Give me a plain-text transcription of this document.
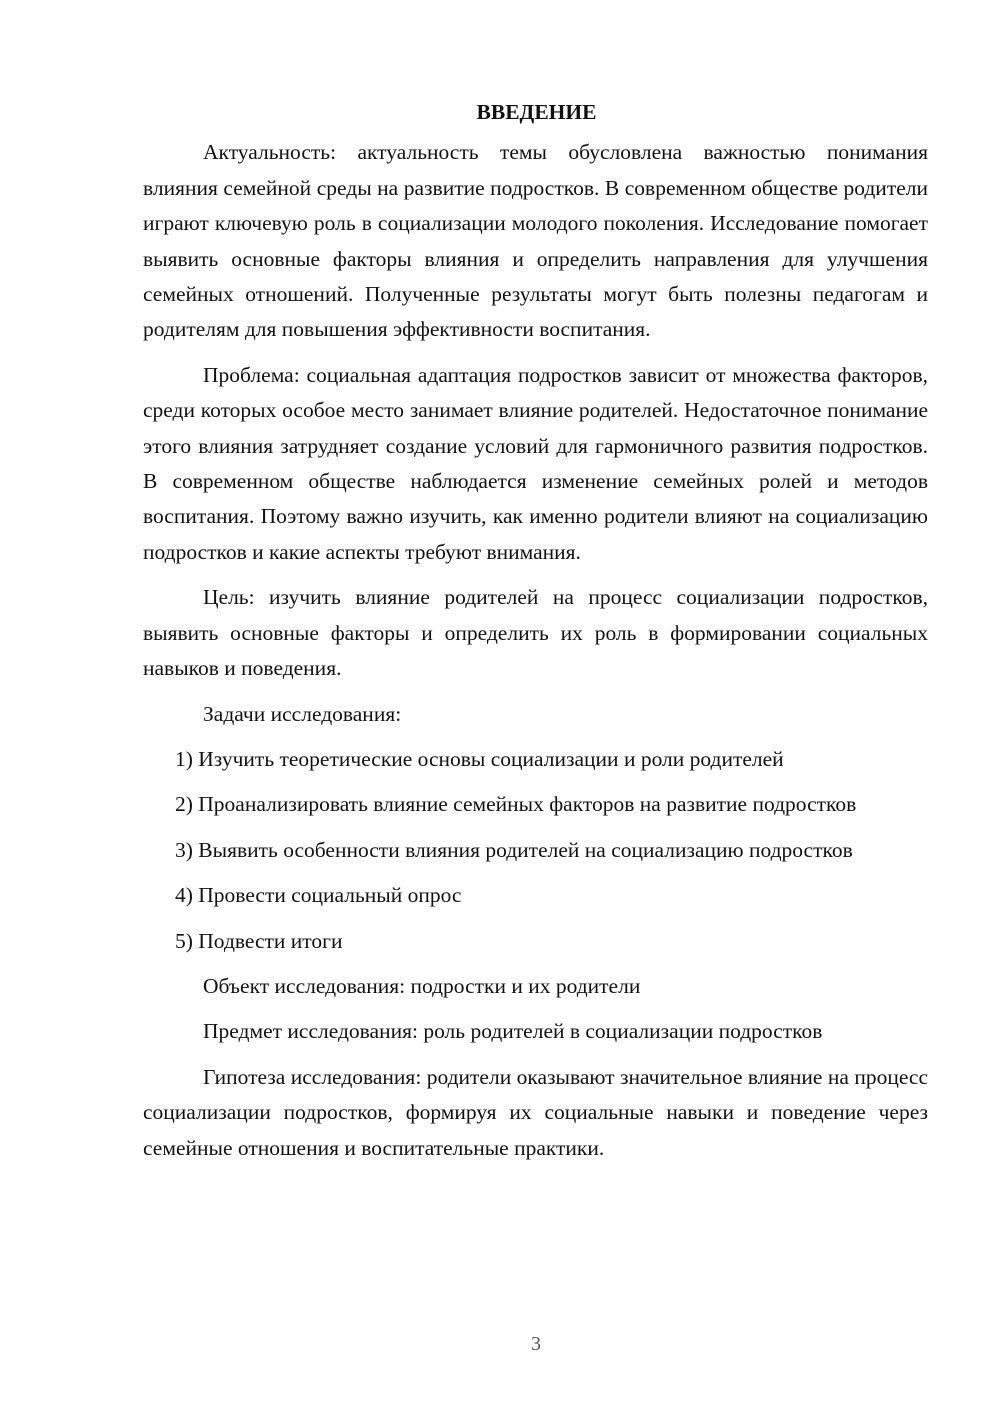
ВВЕДЕНИЕ

Актуальность: актуальность темы обусловлена важностью понимания влияния семейной среды на развитие подростков. В современном обществе родители играют ключевую роль в социализации молодого поколения. Исследование помогает выявить основные факторы влияния и определить направления для улучшения семейных отношений. Полученные результаты могут быть полезны педагогам и родителям для повышения эффективности воспитания.

Проблема: социальная адаптация подростков зависит от множества факторов, среди которых особое место занимает влияние родителей. Недостаточное понимание этого влияния затрудняет создание условий для гармоничного развития подростков. В современном обществе наблюдается изменение семейных ролей и методов воспитания. Поэтому важно изучить, как именно родители влияют на социализацию подростков и какие аспекты требуют внимания.

Цель: изучить влияние родителей на процесс социализации подростков, выявить основные факторы и определить их роль в формировании социальных навыков и поведения.

Задачи исследования:

1) Изучить теоретические основы социализации и роли родителей

2) Проанализировать влияние семейных факторов на развитие подростков

3) Выявить особенности влияния родителей на социализацию подростков

4) Провести социальный опрос

5) Подвести итоги

Объект исследования: подростки и их родители

Предмет исследования: роль родителей в социализации подростков

Гипотеза исследования: родители оказывают значительное влияние на процесс социализации подростков, формируя их социальные навыки и поведение через семейные отношения и воспитательные практики.

3
